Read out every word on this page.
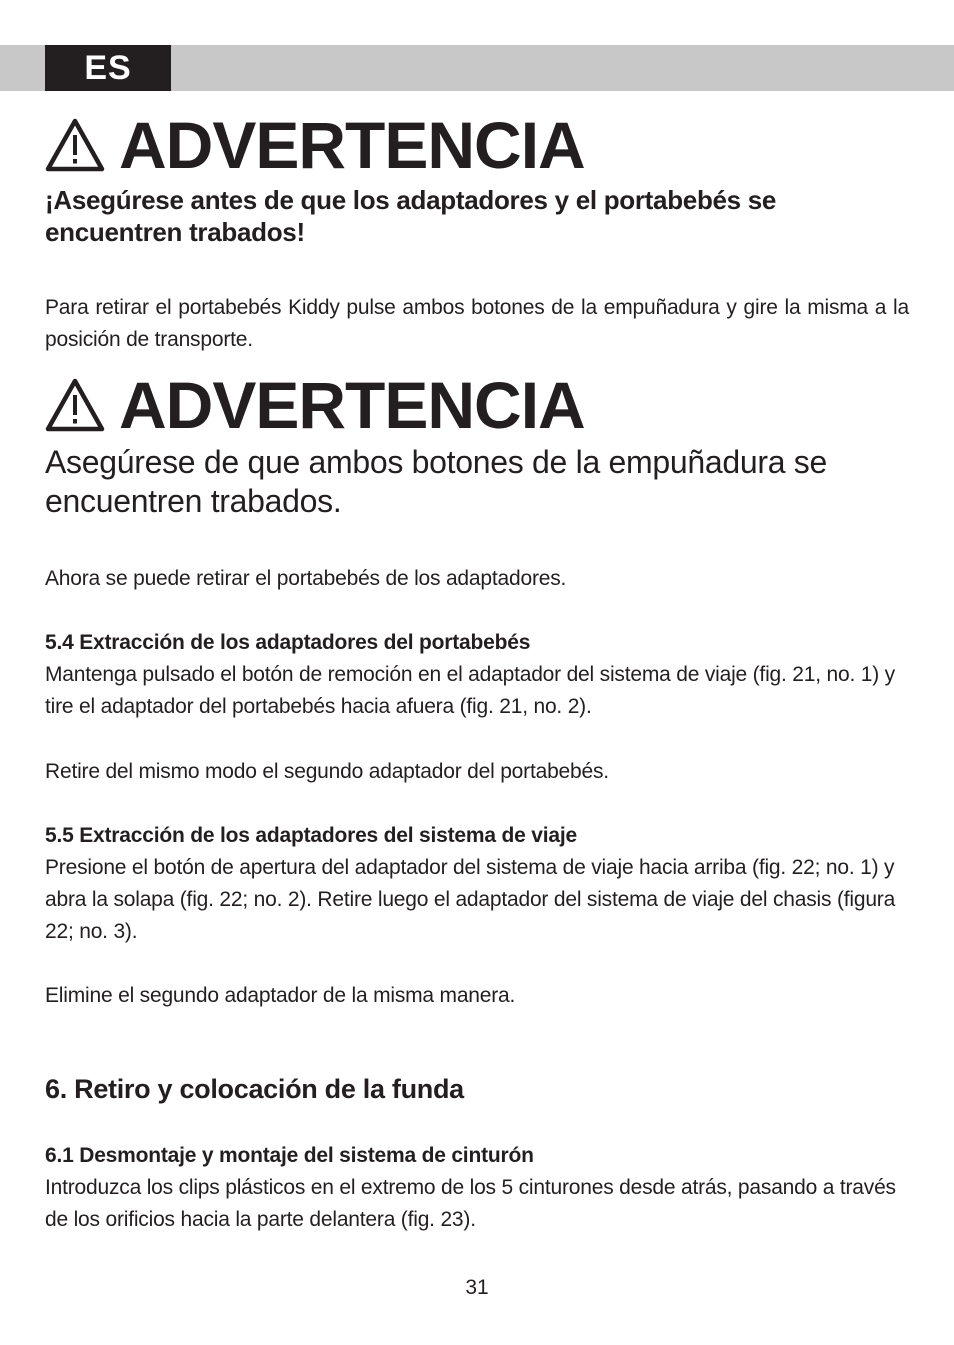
ES
ADVERTENCIA
¡Asegúrese antes de que los adaptadores y el portabebés se encuentren trabados!
Para retirar el portabebés Kiddy pulse ambos botones de la empuñadura y gire la misma a la posición de transporte.
ADVERTENCIA
Asegúrese de que ambos botones de la empuñadura se encuentren trabados.
Ahora se puede retirar el portabebés de los adaptadores.
5.4 Extracción de los adaptadores del portabebés
Mantenga pulsado el botón de remoción en el adaptador del sistema de viaje (fig. 21, no. 1) y tire el adaptador del portabebés hacia afuera (fig. 21, no. 2).
Retire del mismo modo el segundo adaptador del portabebés.
5.5 Extracción de los adaptadores del sistema de viaje
Presione el botón de apertura del adaptador del sistema de viaje hacia arriba (fig. 22; no. 1) y abra la solapa (fig. 22; no. 2). Retire luego el adaptador del sistema de viaje del chasis (figura 22; no. 3).
Elimine el segundo adaptador de la misma manera.
6. Retiro y colocación de la funda
6.1 Desmontaje y montaje del sistema de cinturón
Introduzca los clips plásticos en el extremo de los 5 cinturones desde atrás, pasando a través de los orificios hacia la parte delantera (fig. 23).
31
